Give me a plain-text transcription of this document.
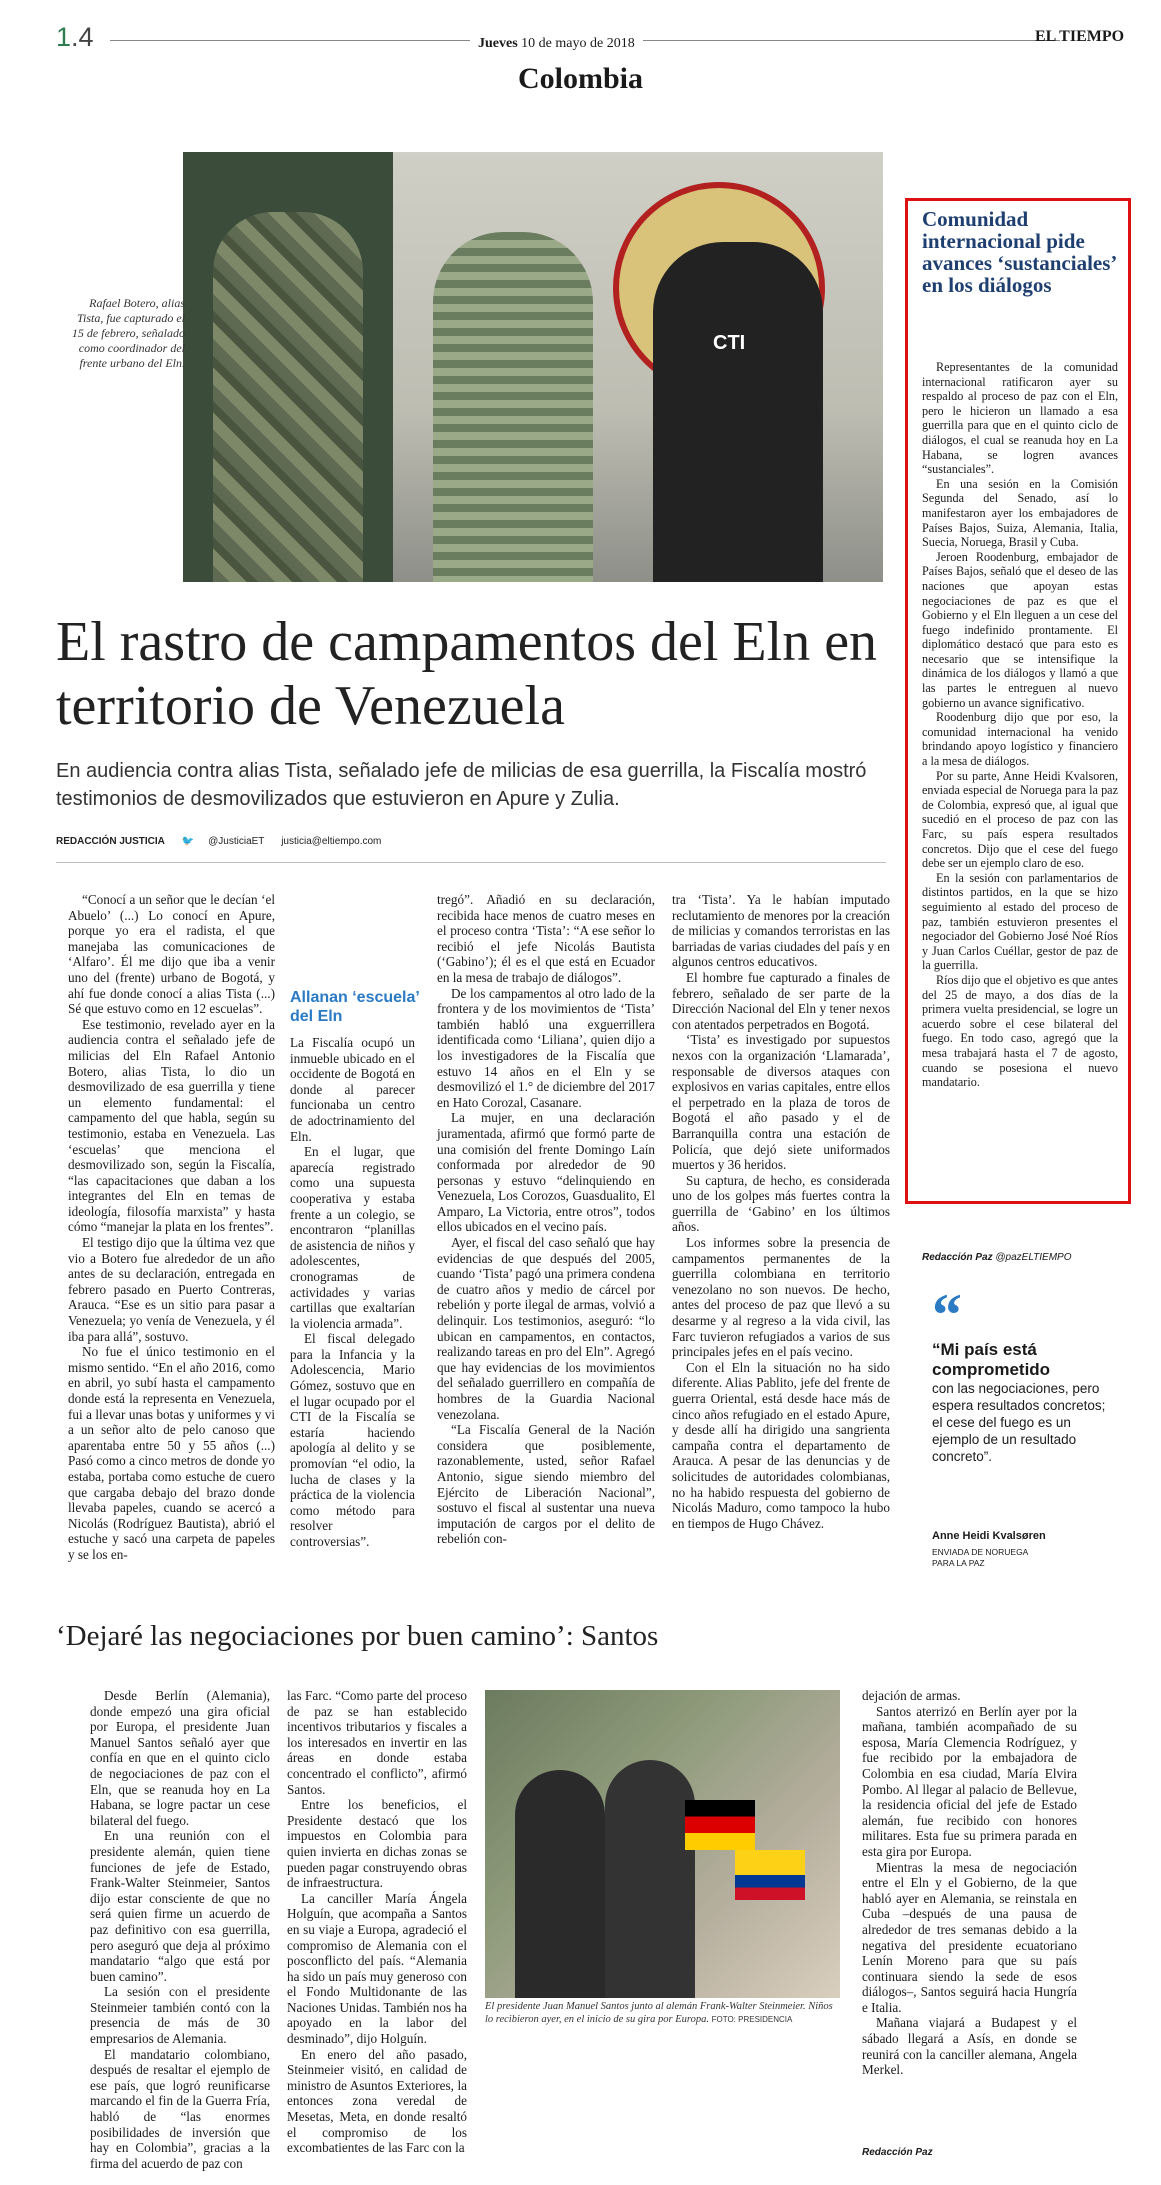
1.4	Jueves 10 de mayo de 2018	EL TIEMPO
Colombia
CTI
Rafael Botero, alias Tista, fue capturado el 15 de febrero, señalado como coordinador del frente urbano del Eln.
El rastro de campamentos del Eln en territorio de Venezuela
En audiencia contra alias Tista, señalado jefe de milicias de esa guerrilla, la Fiscalía mostró testimonios de desmovilizados que estuvieron en Apure y Zulia.
REDACCIÓN JUSTICIA 🐦 @JusticiaET justicia@eltiempo.com

“Conocí a un señor que le decían ‘el Abuelo’ (...) Lo conocí en Apure, porque yo era el radista, el que manejaba las comunicaciones de ‘Alfaro’. Él me dijo que iba a venir uno del (frente) urbano de Bogotá, y ahí fue donde conocí a alias Tista (...) Sé que estuvo como en 12 escuelas”.

Ese testimonio, revelado ayer en la audiencia contra el señalado jefe de milicias del Eln Rafael Antonio Botero, alias Tista, lo dio un desmovilizado de esa guerrilla y tiene un elemento fundamental: el campamento del que habla, según su testimonio, estaba en Venezuela. Las ‘escuelas’ que menciona el desmovilizado son, según la Fiscalía, “las capacitaciones que daban a los integrantes del Eln en temas de ideología, filosofía marxista” y hasta cómo “manejar la plata en los frentes”.

El testigo dijo que la última vez que vio a Botero fue alrededor de un año antes de su declaración, entregada en febrero pasado en Puerto Contreras, Arauca. “Ese es un sitio para pasar a Venezuela; yo venía de Venezuela, y él iba para allá”, sostuvo.

No fue el único testimonio en el mismo sentido. “En el año 2016, como en abril, yo subí hasta el campamento donde está la representa en Venezuela, fui a llevar unas botas y uniformes y vi a un señor alto de pelo canoso que aparentaba entre 50 y 55 años (...) Pasó como a cinco metros de donde yo estaba, portaba como estuche de cuero que cargaba debajo del brazo donde llevaba papeles, cuando se acercó a Nicolás (Rodríguez Bautista), abrió el estuche y sacó una carpeta de papeles y se los en-

Allanan ‘escuela’ del Eln

La Fiscalía ocupó un inmueble ubicado en el occidente de Bogotá en donde al parecer funcionaba un centro de adoctrinamiento del Eln.

En el lugar, que aparecía registrado como una supuesta cooperativa y estaba frente a un colegio, se encontraron “planillas de asistencia de niños y adolescentes, cronogramas de actividades y varias cartillas que exaltarían la violencia armada”.

El fiscal delegado para la Infancia y la Adolescencia, Mario Gómez, sostuvo que en el lugar ocupado por el CTI de la Fiscalía se estaría haciendo apología al delito y se promovían “el odio, la lucha de clases y la práctica de la violencia como método para resolver controversias”.

tregó”. Añadió en su declaración, recibida hace menos de cuatro meses en el proceso contra ‘Tista’: “A ese señor lo recibió el jefe Nicolás Bautista (‘Gabino’); él es el que está en Ecuador en la mesa de trabajo de diálogos”.

De los campamentos al otro lado de la frontera y de los movimientos de ‘Tista’ también habló una exguerrillera identificada como ‘Liliana’, quien dijo a los investigadores de la Fiscalía que estuvo 14 años en el Eln y se desmovilizó el 1.° de diciembre del 2017 en Hato Corozal, Casanare.

La mujer, en una declaración juramentada, afirmó que formó parte de una comisión del frente Domingo Laín conformada por alrededor de 90 personas y estuvo “delinquiendo en Venezuela, Los Corozos, Guasdualito, El Amparo, La Victoria, entre otros”, todos ellos ubicados en el vecino país.

Ayer, el fiscal del caso señaló que hay evidencias de que después del 2005, cuando ‘Tista’ pagó una primera condena de cuatro años y medio de cárcel por rebelión y porte ilegal de armas, volvió a delinquir. Los testimonios, aseguró: “lo ubican en campamentos, en contactos, realizando tareas en pro del Eln”. Agregó que hay evidencias de los movimientos del señalado guerrillero en compañía de hombres de la Guardia Nacional venezolana.

“La Fiscalía General de la Nación considera que posiblemente, razonablemente, usted, señor Rafael Antonio, sigue siendo miembro del Ejército de Liberación Nacional”, sostuvo el fiscal al sustentar una nueva imputación de cargos por el delito de rebelión con-

tra ‘Tista’. Ya le habían imputado reclutamiento de menores por la creación de milicias y comandos terroristas en las barriadas de varias ciudades del país y en algunos centros educativos.

El hombre fue capturado a finales de febrero, señalado de ser parte de la Dirección Nacional del Eln y tener nexos con atentados perpetrados en Bogotá.

‘Tista’ es investigado por supuestos nexos con la organización ‘Llamarada’, responsable de diversos ataques con explosivos en varias capitales, entre ellos el perpetrado en la plaza de toros de Bogotá el año pasado y el de Barranquilla contra una estación de Policía, que dejó siete uniformados muertos y 36 heridos.

Su captura, de hecho, es considerada uno de los golpes más fuertes contra la guerrilla de ‘Gabino’ en los últimos años.

Los informes sobre la presencia de campamentos permanentes de la guerrilla colombiana en territorio venezolano no son nuevos. De hecho, antes del proceso de paz que llevó a su desarme y al regreso a la vida civil, las Farc tuvieron refugiados a varios de sus principales jefes en el país vecino.

Con el Eln la situación no ha sido diferente. Alias Pablito, jefe del frente de guerra Oriental, está desde hace más de cinco años refugiado en el estado Apure, y desde allí ha dirigido una sangrienta campaña contra el departamento de Arauca. A pesar de las denuncias y de solicitudes de autoridades colombianas, no ha habido respuesta del gobierno de Nicolás Maduro, como tampoco la hubo en tiempos de Hugo Chávez.

Comunidad internacional pide avances ‘sustanciales’ en los diálogos

Representantes de la comunidad internacional ratificaron ayer su respaldo al proceso de paz con el Eln, pero le hicieron un llamado a esa guerrilla para que en el quinto ciclo de diálogos, el cual se reanuda hoy en La Habana, se logren avances “sustanciales”.

En una sesión en la Comisión Segunda del Senado, así lo manifestaron ayer los embajadores de Países Bajos, Suiza, Alemania, Italia, Suecia, Noruega, Brasil y Cuba.

Jeroen Roodenburg, embajador de Países Bajos, señaló que el deseo de las naciones que apoyan estas negociaciones de paz es que el Gobierno y el Eln lleguen a un cese del fuego indefinido prontamente. El diplomático destacó que para esto es necesario que se intensifique la dinámica de los diálogos y llamó a que las partes le entreguen al nuevo gobierno un avance significativo.

Roodenburg dijo que por eso, la comunidad internacional ha venido brindando apoyo logístico y financiero a la mesa de diálogos.

Por su parte, Anne Heidi Kvalsoren, enviada especial de Noruega para la paz de Colombia, expresó que, al igual que sucedió en el proceso de paz con las Farc, su país espera resultados concretos. Dijo que el cese del fuego debe ser un ejemplo claro de eso.

En la sesión con parlamentarios de distintos partidos, en la que se hizo seguimiento al estado del proceso de paz, también estuvieron presentes el negociador del Gobierno José Noé Ríos y Juan Carlos Cuéllar, gestor de paz de la guerrilla.

Ríos dijo que el objetivo es que antes del 25 de mayo, a dos días de la primera vuelta presidencial, se logre un acuerdo sobre el cese bilateral del fuego. En todo caso, agregó que la mesa trabajará hasta el 7 de agosto, cuando se posesiona el nuevo mandatario.

Redacción Paz @pazELTIEMPO
“
“Mi país está comprometido
con las negociaciones, pero espera resultados concretos; el cese del fuego es un ejemplo de un resultado concreto”.
Anne Heidi Kvalsøren
ENVIADA DE NORUEGA PARA LA PAZ
‘Dejaré las negociaciones por buen camino’: Santos

Desde Berlín (Alemania), donde empezó una gira oficial por Europa, el presidente Juan Manuel Santos señaló ayer que confía en que en el quinto ciclo de negociaciones de paz con el Eln, que se reanuda hoy en La Habana, se logre pactar un cese bilateral del fuego.

En una reunión con el presidente alemán, quien tiene funciones de jefe de Estado, Frank-Walter Steinmeier, Santos dijo estar consciente de que no será quien firme un acuerdo de paz definitivo con esa guerrilla, pero aseguró que deja al próximo mandatario “algo que está por buen camino”.

La sesión con el presidente Steinmeier también contó con la presencia de más de 30 empresarios de Alemania.

El mandatario colombiano, después de resaltar el ejemplo de ese país, que logró reunificarse marcando el fin de la Guerra Fría, habló de “las enormes posibilidades de inversión que hay en Colombia”, gracias a la firma del acuerdo de paz con

las Farc. “Como parte del proceso de paz se han establecido incentivos tributarios y fiscales a los interesados en invertir en las áreas en donde estaba concentrado el conflicto”, afirmó Santos.

Entre los beneficios, el Presidente destacó que los impuestos en Colombia para quien invierta en dichas zonas se pueden pagar construyendo obras de infraestructura.

La canciller María Ángela Holguín, que acompaña a Santos en su viaje a Europa, agradeció el compromiso de Alemania con el posconflicto del país. “Alemania ha sido un país muy generoso con el Fondo Multidonante de las Naciones Unidas. También nos ha apoyado en la labor del desminado”, dijo Holguín.

En enero del año pasado, Steinmeier visitó, en calidad de ministro de Asuntos Exteriores, la entonces zona veredal de Mesetas, Meta, en donde resaltó el compromiso de los excombatientes de las Farc con la

El presidente Juan Manuel Santos junto al alemán Frank-Walter Steinmeier. Niños lo recibieron ayer, en el inicio de su gira por Europa. FOTO: PRESIDENCIA

dejación de armas.

Santos aterrizó en Berlín ayer por la mañana, también acompañado de su esposa, María Clemencia Rodríguez, y fue recibido por la embajadora de Colombia en esa ciudad, María Elvira Pombo. Al llegar al palacio de Bellevue, la residencia oficial del jefe de Estado alemán, fue recibido con honores militares. Esta fue su primera parada en esta gira por Europa.

Mientras la mesa de negociación entre el Eln y el Gobierno, de la que habló ayer en Alemania, se reinstala en Cuba –después de una pausa de alrededor de tres semanas debido a la negativa del presidente ecuatoriano Lenín Moreno para que su país continuara siendo la sede de esos diálogos–, Santos seguirá hacia Hungría e Italia.

Mañana viajará a Budapest y el sábado llegará a Asís, en donde se reunirá con la canciller alemana, Angela Merkel.

Redacción Paz
